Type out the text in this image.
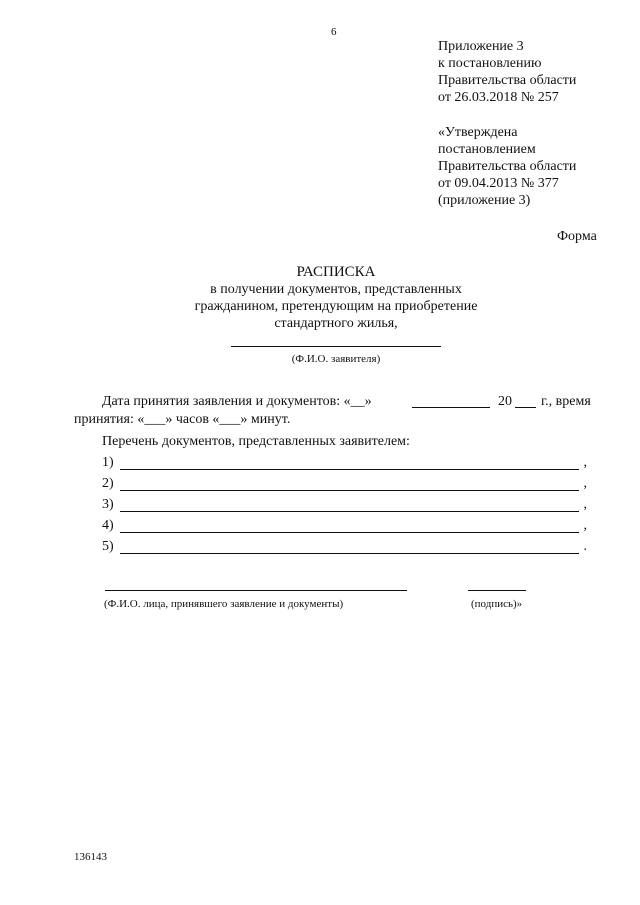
6
Приложение 3
к постановлению
Правительства области
от 26.03.2018 № 257
«Утверждена
постановлением
Правительства области
от 09.04.2013 № 377
(приложение 3)
Форма
РАСПИСКА
в получении документов, представленных
гражданином, претендующим на приобретение
стандартного жилья,
(Ф.И.О. заявителя)
Дата принятия заявления и документов: «__»	20 г., время
принятия: «___» часов «___» минут.
Перечень документов, представленных заявителем:
1)	,
2)	,
3)	,
4)	,
5)	.
(Ф.И.О. лица, принявшего заявление и документы)	(подпись)»
136143
